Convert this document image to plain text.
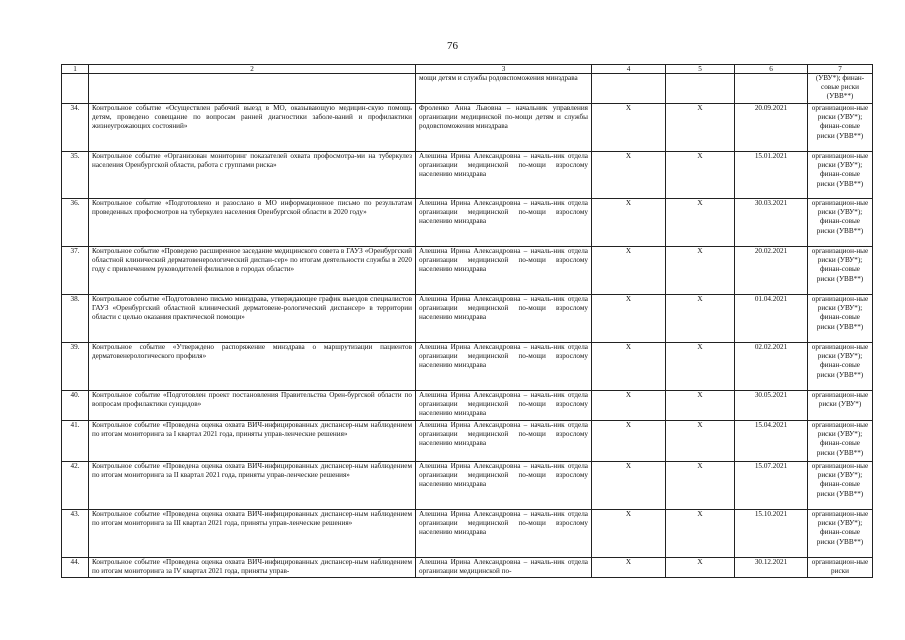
76
1	2	3	4	5	6	7
		мощи детям и службы родовспоможения минздрава				(УВУ*); финан-совые риски (УВВ**)
34.	Контрольное событие «Осуществлен рабочий выезд в МО, оказывающую медицин-скую помощь детям, проведено совещание по вопросам ранней диагностики заболе-ваний и профилактики жизнеугрожающих состояний»	Фроленко Анна Львовна – начальник управления организации медицинской по-мощи детям и службы родовспоможения минздрава	X	X	20.09.2021	организацион-ные риски (УВУ*); финан-совые риски (УВВ**)
35.	Контрольное событие «Организован мониторинг показателей охвата профосмотра-ми на туберкулез населения Оренбургской области, работа с группами риска»	Алешина Ирина Александровна – началь-ник отдела организации медицинской по-мощи взрослому населению минздрава	X	X	15.01.2021	организацион-ные риски (УВУ*); финан-совые риски (УВВ**)
36.	Контрольное событие «Подготовлено и разослано в МО информационное письмо по результатам проведенных профосмотров на туберкулез населения Оренбургской области в 2020 году»	Алешина Ирина Александровна – началь-ник отдела организации медицинской по-мощи взрослому населению минздрава	X	X	30.03.2021	организацион-ные риски (УВУ*); финан-совые риски (УВВ**)
37.	Контрольное событие «Проведено расширенное заседание медицинского совета в ГАУЗ «Оренбургский областной клинический дерматовенерологический диспан-сер» по итогам деятельности службы в 2020 году с привлечением руководителей филиалов в городах области»	Алешина Ирина Александровна – началь-ник отдела организации медицинской по-мощи взрослому населению минздрава	X	X	20.02.2021	организацион-ные риски (УВУ*); финан-совые риски (УВВ**)
38.	Контрольное событие «Подготовлено письмо минздрава, утверждающее график выездов специалистов ГАУЗ «Оренбургский областной клинический дерматовене-рологический диспансер» в территории области с целью оказания практической помощи»	Алешина Ирина Александровна – началь-ник отдела организации медицинской по-мощи взрослому населению минздрава	X	X	01.04.2021	организацион-ные риски (УВУ*); финан-совые риски (УВВ**)
39.	Контрольное событие «Утверждено распоряжение минздрава о маршрутизации пациентов дерматовенерологического профиля»	Алешина Ирина Александровна – началь-ник отдела организации медицинской по-мощи взрослому населению минздрава	X	X	02.02.2021	организацион-ные риски (УВУ*); финан-совые риски (УВВ**)
40.	Контрольное событие «Подготовлен проект постановления Правительства Орен-бургской области по вопросам профилактики суицидов»	Алешина Ирина Александровна – началь-ник отдела организации медицинской по-мощи взрослому населению минздрава	X	X	30.05.2021	организацион-ные риски (УВУ*)
41.	Контрольное событие «Проведена оценка охвата ВИЧ-инфицированных диспансер-ным наблюдением по итогам мониторинга за I квартал 2021 года, приняты управ-ленческие решения»	Алешина Ирина Александровна – началь-ник отдела организации медицинской по-мощи взрослому населению минздрава	X	X	15.04.2021	организацион-ные риски (УВУ*); финан-совые риски (УВВ**)
42.	Контрольное событие «Проведена оценка охвата ВИЧ-инфицированных диспансер-ным наблюдением по итогам мониторинга за II квартал 2021 года, приняты управ-ленческие решения»	Алешина Ирина Александровна – началь-ник отдела организации медицинской по-мощи взрослому населению минздрава	X	X	15.07.2021	организацион-ные риски (УВУ*); финан-совые риски (УВВ**)
43.	Контрольное событие «Проведена оценка охвата ВИЧ-инфицированных диспансер-ным наблюдением по итогам мониторинга за III квартал 2021 года, приняты управ-ленческие решения»	Алешина Ирина Александровна – началь-ник отдела организации медицинской по-мощи взрослому населению минздрава	X	X	15.10.2021	организацион-ные риски (УВУ*); финан-совые риски (УВВ**)
44.	Контрольное событие «Проведена оценка охвата ВИЧ-инфицированных диспансер-ным наблюдением по итогам мониторинга за IV квартал 2021 года, приняты управ-	Алешина Ирина Александровна – началь-ник отдела организации медицинской по-	X	X	30.12.2021	организацион-ные риски
